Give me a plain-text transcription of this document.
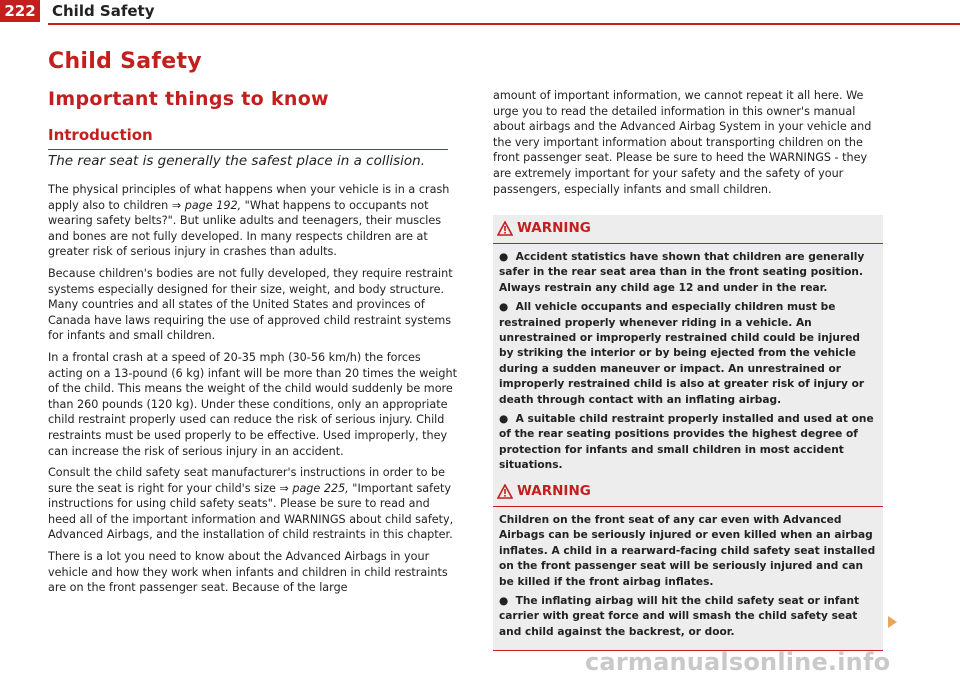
222 Child Safety
Child Safety
Important things to know
Introduction
The rear seat is generally the safest place in a collision.

The physical principles of what happens when your vehicle is in a crash apply also to children ⇒ page 192, "What happens to occupants not wearing safety belts?". But unlike adults and teenagers, their muscles and bones are not fully developed. In many respects children are at greater risk of serious injury in crashes than adults.

Because children's bodies are not fully developed, they require restraint systems especially designed for their size, weight, and body structure. Many countries and all states of the United States and provinces of Canada have laws requiring the use of approved child restraint systems for infants and small children.

In a frontal crash at a speed of 20-35 mph (30-56 km/h) the forces acting on a 13-pound (6 kg) infant will be more than 20 times the weight of the child. This means the weight of the child would suddenly be more than 260 pounds (120 kg). Under these conditions, only an appropriate child restraint properly used can reduce the risk of serious injury. Child restraints must be used properly to be effective. Used improperly, they can increase the risk of serious injury in an accident.

Consult the child safety seat manufacturer's instructions in order to be sure the seat is right for your child's size ⇒ page 225, "Important safety instructions for using child safety seats". Please be sure to read and heed all of the important information and WARNINGS about child safety, Advanced Airbags, and the installation of child restraints in this chapter.

There is a lot you need to know about the Advanced Airbags in your vehicle and how they work when infants and children in child restraints are on the front passenger seat. Because of the large

amount of important information, we cannot repeat it all here. We urge you to read the detailed information in this owner's manual about airbags and the Advanced Airbag System in your vehicle and the very important information about transporting children on the front passenger seat. Please be sure to heed the WARNINGS - they are extremely important for your safety and the safety of your passengers, especially infants and small children.

WARNING

● Accident statistics have shown that children are generally safer in the rear seat area than in the front seating position. Always restrain any child age 12 and under in the rear.

● All vehicle occupants and especially children must be restrained properly whenever riding in a vehicle. An unrestrained or improperly restrained child could be injured by striking the interior or by being ejected from the vehicle during a sudden maneuver or impact. An unrestrained or improperly restrained child is also at greater risk of injury or death through contact with an inflating airbag.

● A suitable child restraint properly installed and used at one of the rear seating positions provides the highest degree of protection for infants and small children in most accident situations.

WARNING

Children on the front seat of any car even with Advanced Airbags can be seriously injured or even killed when an airbag inflates. A child in a rearward-facing child safety seat installed on the front passenger seat will be seriously injured and can be killed if the front airbag inflates.

● The inflating airbag will hit the child safety seat or infant carrier with great force and will smash the child safety seat and child against the backrest, or door.

carmanualsonline.info
